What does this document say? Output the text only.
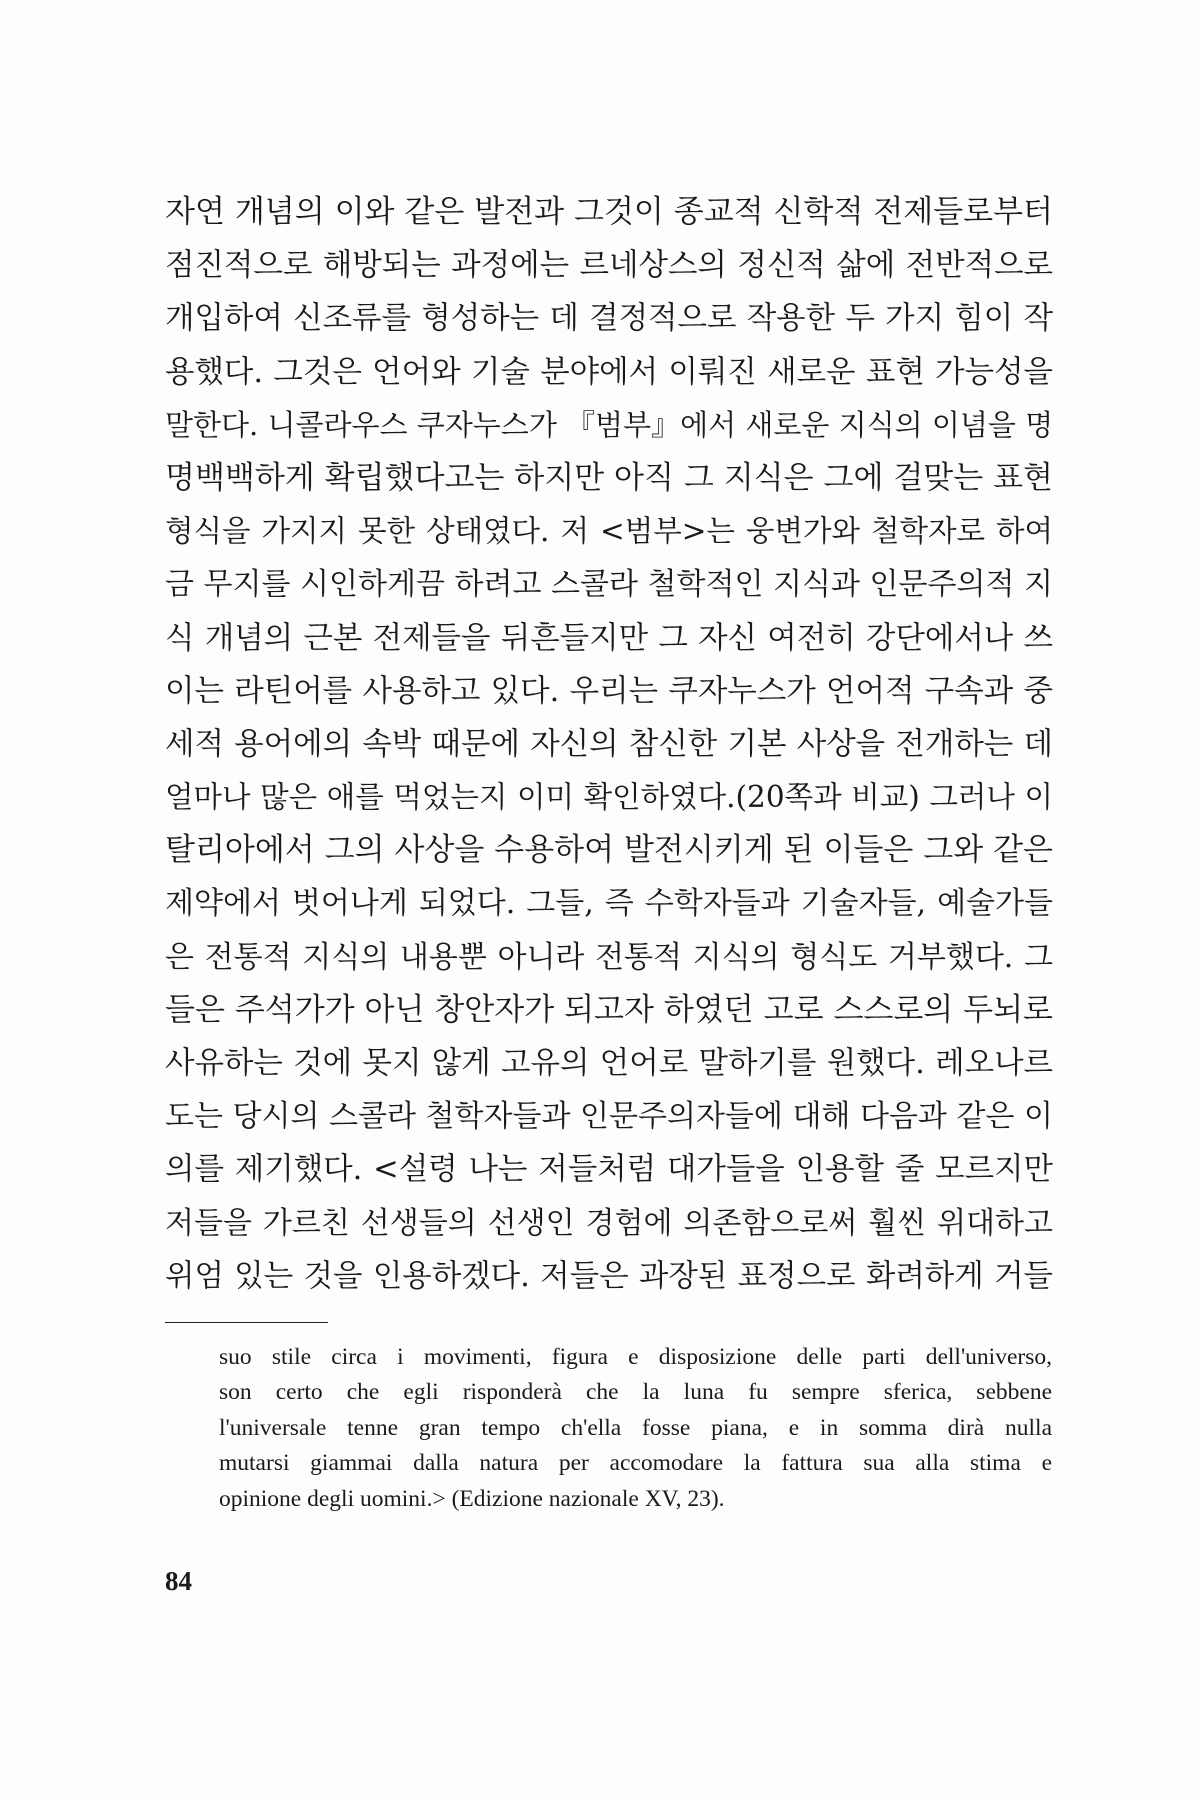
자연 개념의 이와 같은 발전과 그것이 종교적 신학적 전제들로부터
점진적으로 해방되는 과정에는 르네상스의 정신적 삶에 전반적으로
개입하여 신조류를 형성하는 데 결정적으로 작용한 두 가지 힘이 작
용했다. 그것은 언어와 기술 분야에서 이뤄진 새로운 표현 가능성을
말한다. 니콜라우스 쿠자누스가 『범부』에서 새로운 지식의 이념을 명
명백백하게 확립했다고는 하지만 아직 그 지식은 그에 걸맞는 표현
형식을 가지지 못한 상태였다. 저 <범부>는 웅변가와 철학자로 하여
금 무지를 시인하게끔 하려고 스콜라 철학적인 지식과 인문주의적 지
식 개념의 근본 전제들을 뒤흔들지만 그 자신 여전히 강단에서나 쓰
이는 라틴어를 사용하고 있다. 우리는 쿠자누스가 언어적 구속과 중
세적 용어에의 속박 때문에 자신의 참신한 기본 사상을 전개하는 데
얼마나 많은 애를 먹었는지 이미 확인하였다.(20쪽과 비교) 그러나 이
탈리아에서 그의 사상을 수용하여 발전시키게 된 이들은 그와 같은
제약에서 벗어나게 되었다. 그들, 즉 수학자들과 기술자들, 예술가들
은 전통적 지식의 내용뿐 아니라 전통적 지식의 형식도 거부했다. 그
들은 주석가가 아닌 창안자가 되고자 하였던 고로 스스로의 두뇌로
사유하는 것에 못지 않게 고유의 언어로 말하기를 원했다. 레오나르
도는 당시의 스콜라 철학자들과 인문주의자들에 대해 다음과 같은 이
의를 제기했다. <설령 나는 저들처럼 대가들을 인용할 줄 모르지만
저들을 가르친 선생들의 선생인 경험에 의존함으로써 훨씬 위대하고
위엄 있는 것을 인용하겠다. 저들은 과장된 표정으로 화려하게 거들
suo stile circa i movimenti, figura e disposizione delle parti dell'universo,
son certo che egli risponderà che la luna fu sempre sferica, sebbene
l'universale tenne gran tempo ch'ella fosse piana, e in somma dirà nulla
mutarsi giammai dalla natura per accomodare la fattura sua alla stima e
opinione degli uomini.> (Edizione nazionale XV, 23).
84
